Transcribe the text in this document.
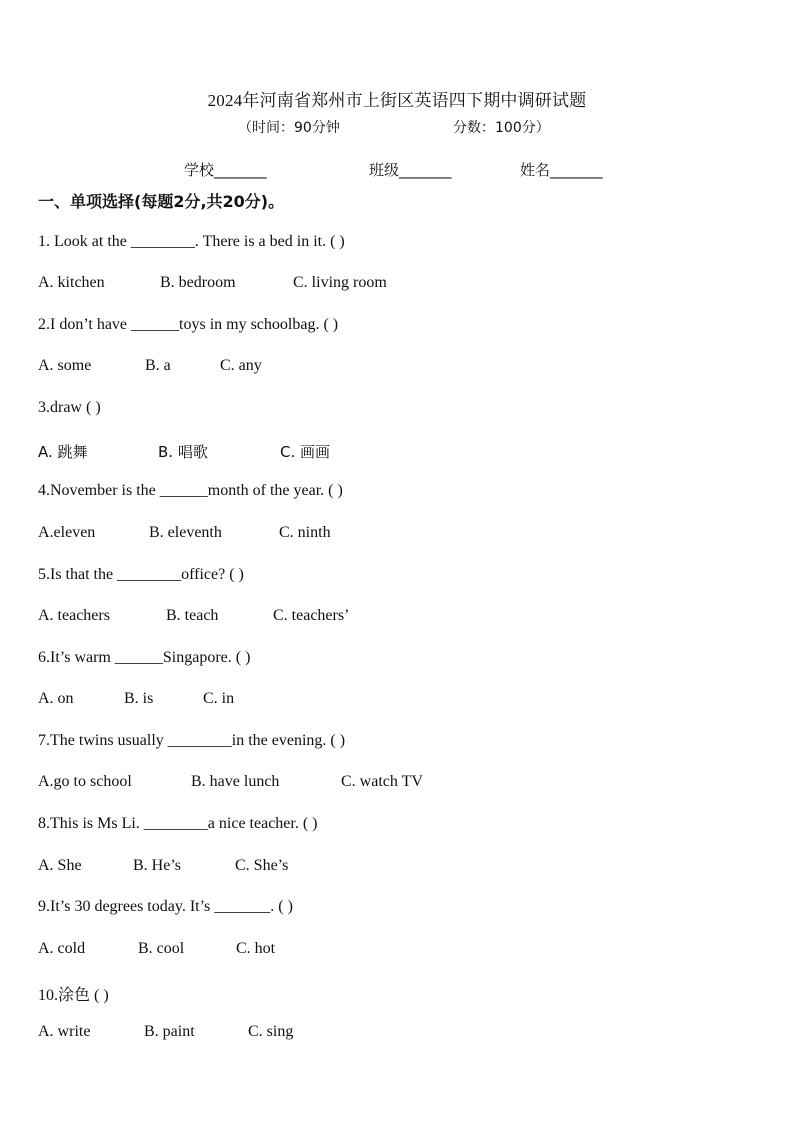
2024年河南省郑州市上街区英语四下期中调研试题
（时间：90分钟	分数：100分）
学校_______	班级_______	姓名_______
一、单项选择(每题2分,共20分)。
1. Look at the ________. There is a bed in it. ( )
A. kitchen	B. bedroom	C. living room
2.I don’t have ______toys in my schoolbag. ( )
A. some	B. a	C. any
3.draw ( )
A. 跳舞	B. 唱歌	C. 画画
4.November is the ______month of the year. ( )
A.eleven	B. eleventh	C. ninth
5.Is that the ________office? ( )
A. teachers	B. teach	C. teachers’
6.It’s warm ______Singapore. ( )
A. on	B. is	C. in
7.The twins usually ________in the evening. ( )
A.go to school	B. have lunch	C. watch TV
8.This is Ms Li. ________a nice teacher. ( )
A. She	B. He’s	C. She’s
9.It’s 30 degrees today. It’s _______. ( )
A. cold	B. cool	C. hot
10.涂色 ( )
A. write	B. paint	C. sing
